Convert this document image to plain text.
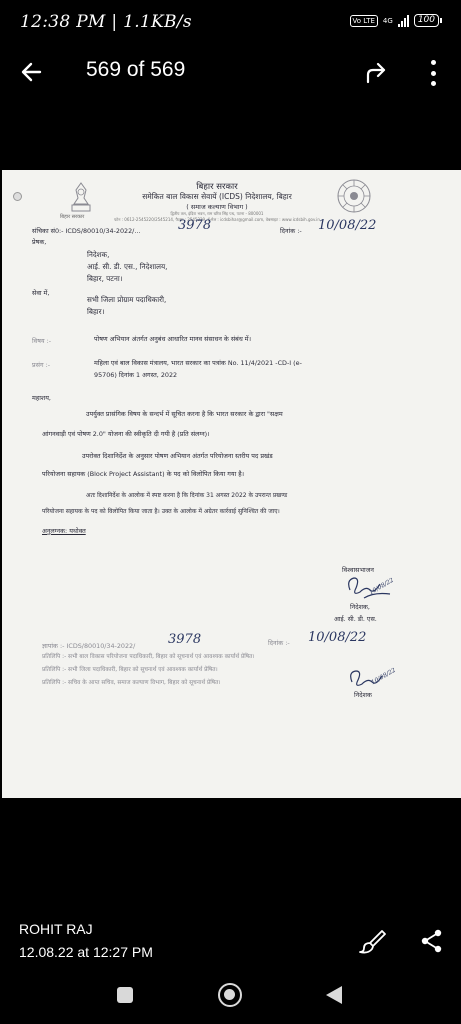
12:38 PM | 1.1KB/s	Vo LTE	4G	100
569 of 569
बिहार सरकार
बिहार सरकार
समेकित बाल विकास सेवायें (ICDS) निदेशालय, बिहार
( समाज कल्याण विभाग )
द्वितीय तल, इंदिरा भवन, राम चरित्र सिंह पथ, पटना - 800001
फोन : 0612-2545220/2545214, फैक्स : 2545229, ई-मेल : icdsbihar@gmail.com, वेबसाइट : www.icdsbih.gov.in
संचिका सं0:- ICDS/80010/34-2022/...	3978	दिनांक :- 10/08/22
प्रेषक,
निदेशक,
आई. सी. डी. एस., निदेशालय,
बिहार, पटना।
सेवा में,
सभी जिला प्रोग्राम पदाधिकारी,
बिहार।
विषय :-	पोषण अभियान अंतर्गत अनुबंध आधारित मानव संसाधन के संबंध में।
प्रसंग :-	महिला एवं बाल विकास मंत्रालय, भारत सरकार का पत्रांक No. 11/4/2021 -CD-I (e-
95706) दिनांक 1 अगस्त, 2022
महाशय,
उपर्युक्त प्रासंगिक विषय के सन्दर्भ में सूचित करना है कि भारत सरकार के द्वारा "सक्षम
आंगनवाड़ी एवं पोषण 2.0" योजना की स्वीकृति दी गयी है (प्रति संलग्न)।
उपरोक्त दिशानिर्देश के अनुसार पोषण अभियान अंतर्गत परियोजना स्तरीय पद प्रखंड
परियोजना सहायक (Block Project Assistant) के पद को विलोपित किया गया है।
अतः दिशानिर्देश के आलोक में स्पष्ट करना है कि दिनांक 31 अगस्त 2022 के उपरान्त प्रखण्ड
परियोजना सहायक के पद को विलोपित किया जाता है। उक्त के आलोक में अग्रेतर कार्रवाई सुनिश्चित की जाए।
अनुलग्नक: यथोक्त
विश्वासभाजन
10/08/22
निदेशक,
आई. सी. डी. एस.
ज्ञापांक :- ICDS/80010/34-2022/	3978	दिनांक :- 10/08/22
प्रतिलिपि :- सभी बाल विकास परियोजना पदाधिकारी, बिहार को सूचनार्थ एवं आवश्यक कार्यार्थ प्रेषित।
प्रतिलिपि :- सभी जिला पदाधिकारी, बिहार को सूचनार्थ एवं आवश्यक कार्यार्थ प्रेषित।
प्रतिलिपि :- सचिव के आप्त सचिव, समाज कल्याण विभाग, बिहार को सूचनार्थ प्रेषित।	10/08/22
निदेशक
ROHIT RAJ
12.08.22 at 12:27 PM
